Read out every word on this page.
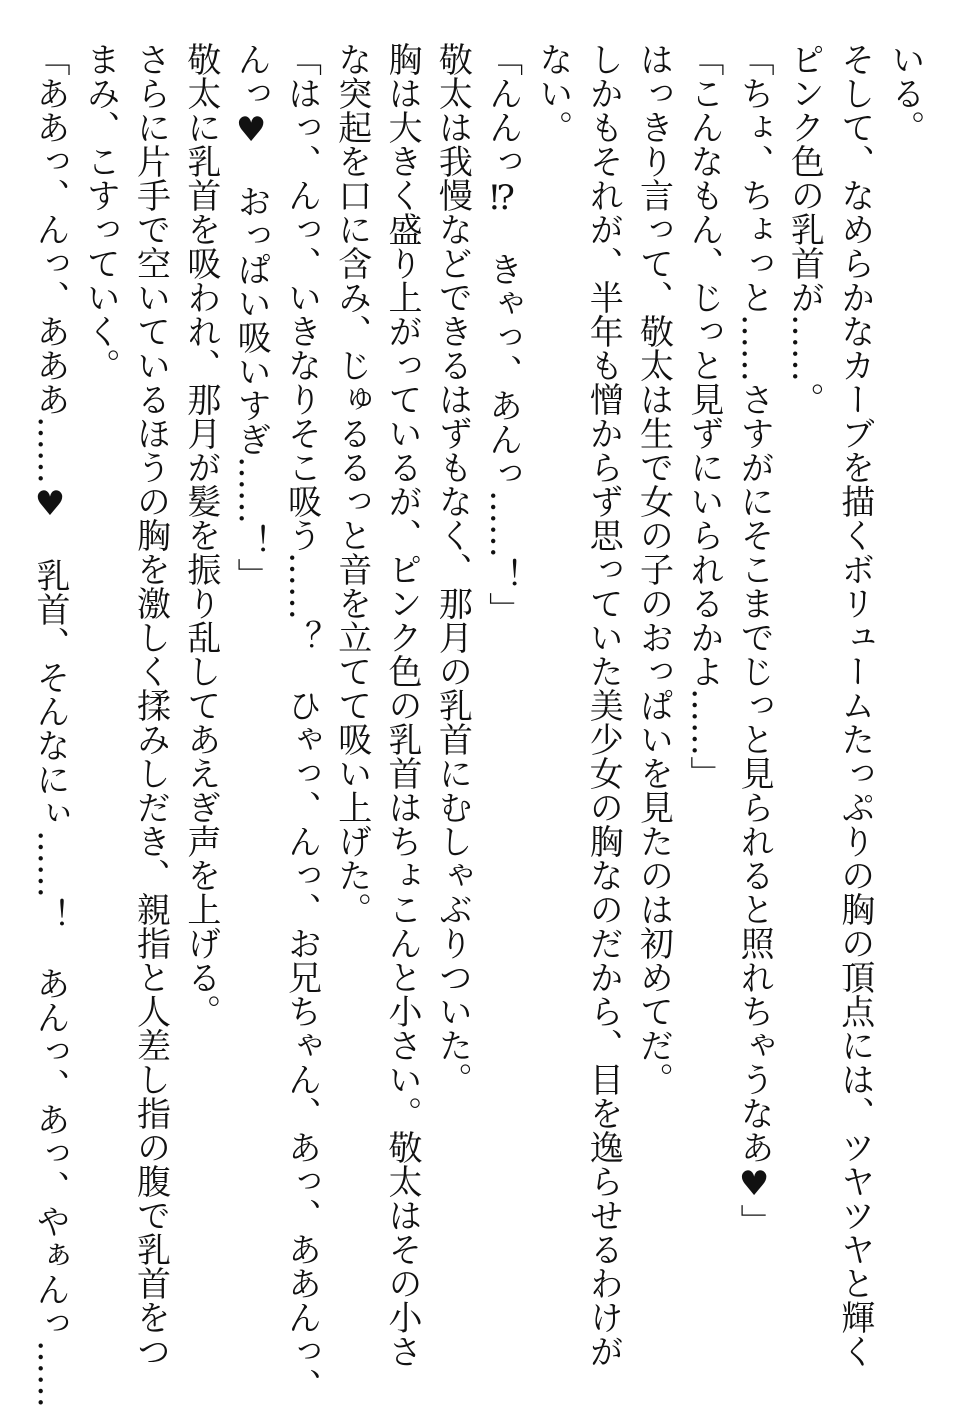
いる。
そして、なめらかなカーブを描くボリュームたっぷりの胸の頂点には、ツヤツヤと輝く
ピンク色の乳首が……。
「ちょ、ちょっと……さすがにそこまでじっと見られると照れちゃうなあ♥」
「こんなもん、じっと見ずにいられるかよ……」
はっきり言って、敬太は生で女の子のおっぱいを見たのは初めてだ。
しかもそれが、半年も憎からず思っていた美少女の胸なのだから、目を逸らせるわけが
ない。
「んんっ⁉　きゃっ、あんっ……！」
敬太は我慢などできるはずもなく、那月の乳首にむしゃぶりついた。
胸は大きく盛り上がっているが、ピンク色の乳首はちょこんと小さい。敬太はその小さ
な突起を口に含み、じゅるるっと音を立てて吸い上げた。
「はっ、んっ、いきなりそこ吸う……？　ひゃっ、んっ、お兄ちゃん、あっ、ああんっ、
んっ♥　おっぱい吸いすぎ……！」
敬太に乳首を吸われ、那月が髪を振り乱してあえぎ声を上げる。
さらに片手で空いているほうの胸を激しく揉みしだき、親指と人差し指の腹で乳首をつ
まみ、こすっていく。
「ああっ、んっ、あああ……♥　乳首、そんなにぃ……！　あんっ、あっ、やぁんっ……
